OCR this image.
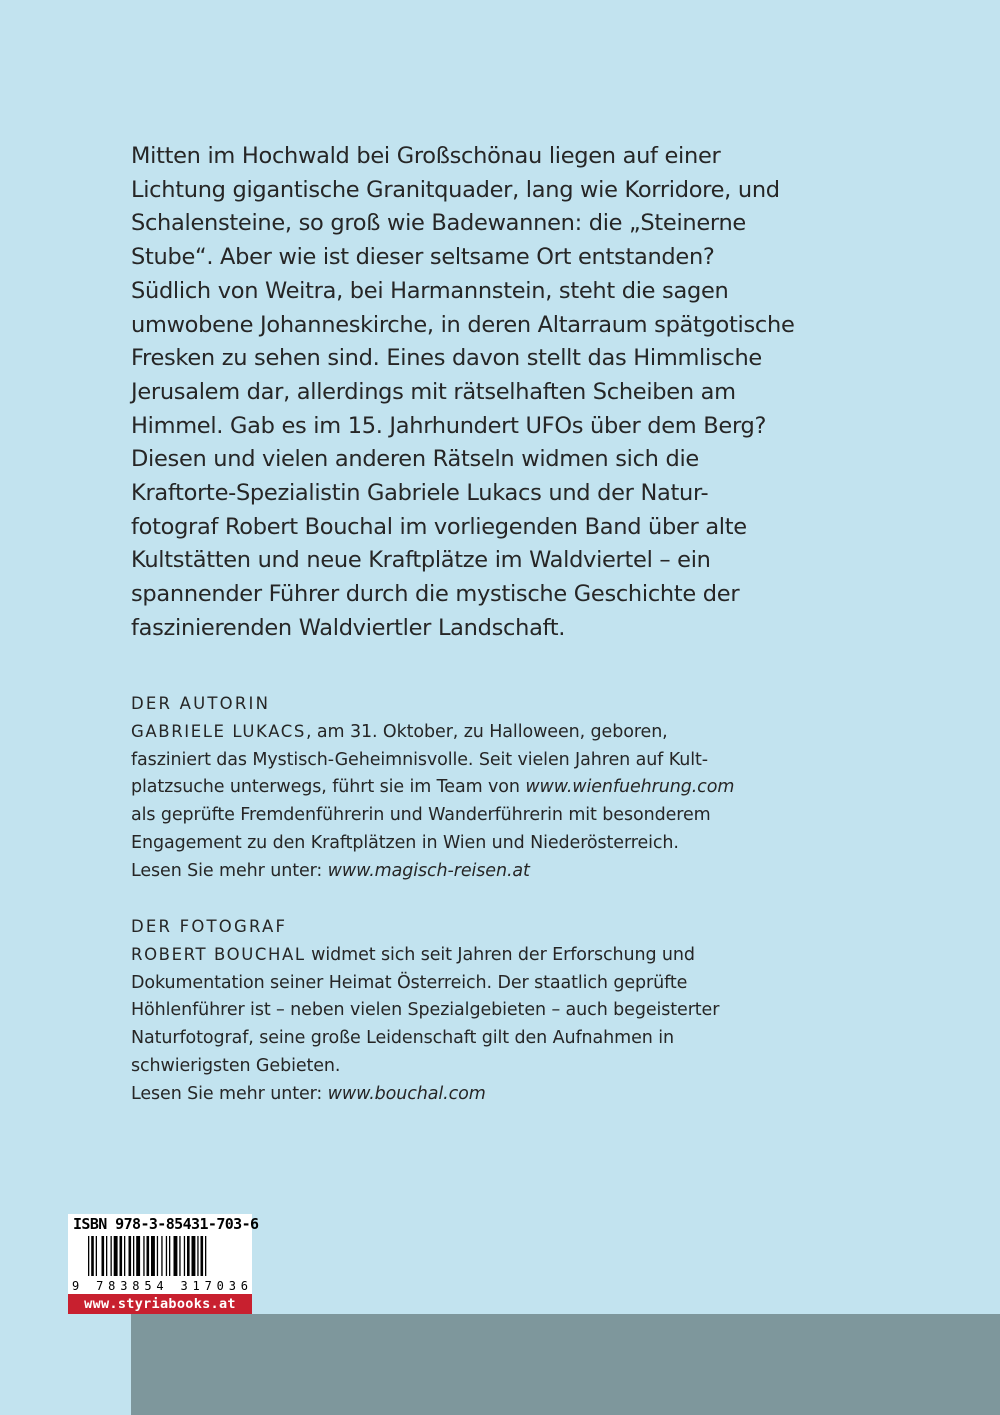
Mitten im Hochwald bei Großschönau liegen auf einer
Lichtung gigantische Granitquader, lang wie Korridore, und
Schalensteine, so groß wie Badewannen: die „Steinerne
Stube“. Aber wie ist dieser seltsame Ort entstanden?
Südlich von Weitra, bei Harmannstein, steht die sagen
umwobene Johanneskirche, in deren Altarraum spätgotische
Fresken zu sehen sind. Eines davon stellt das Himmlische
Jerusalem dar, allerdings mit rätselhaften Scheiben am
Himmel. Gab es im 15. Jahrhundert UFOs über dem Berg?
Diesen und vielen anderen Rätseln widmen sich die
Kraftorte-Spezialistin Gabriele Lukacs und der Natur-
fotograf Robert Bouchal im vorliegenden Band über alte
Kultstätten und neue Kraftplätze im Waldviertel – ein
spannender Führer durch die mystische Geschichte der
faszinierenden Waldviertler Landschaft.
DER AUTORIN
GABRIELE LUKACS, am 31. Oktober, zu Halloween, geboren,
fasziniert das Mystisch-Geheimnisvolle. Seit vielen Jahren auf Kult-
platzsuche unterwegs, führt sie im Team von www.wienfuehrung.com
als geprüfte Fremdenführerin und Wanderführerin mit besonderem
Engagement zu den Kraftplätzen in Wien und Niederösterreich.
Lesen Sie mehr unter: www.magisch-reisen.at
DER FOTOGRAF
ROBERT BOUCHAL widmet sich seit Jahren der Erforschung und
Dokumentation seiner Heimat Österreich. Der staatlich geprüfte
Höhlenführer ist – neben vielen Spezialgebieten – auch begeisterter
Naturfotograf, seine große Leidenschaft gilt den Aufnahmen in
schwierigsten Gebieten.
Lesen Sie mehr unter: www.bouchal.com
ISBN 978-3-85431-703-6
9 783854 317036
www.styriabooks.at
